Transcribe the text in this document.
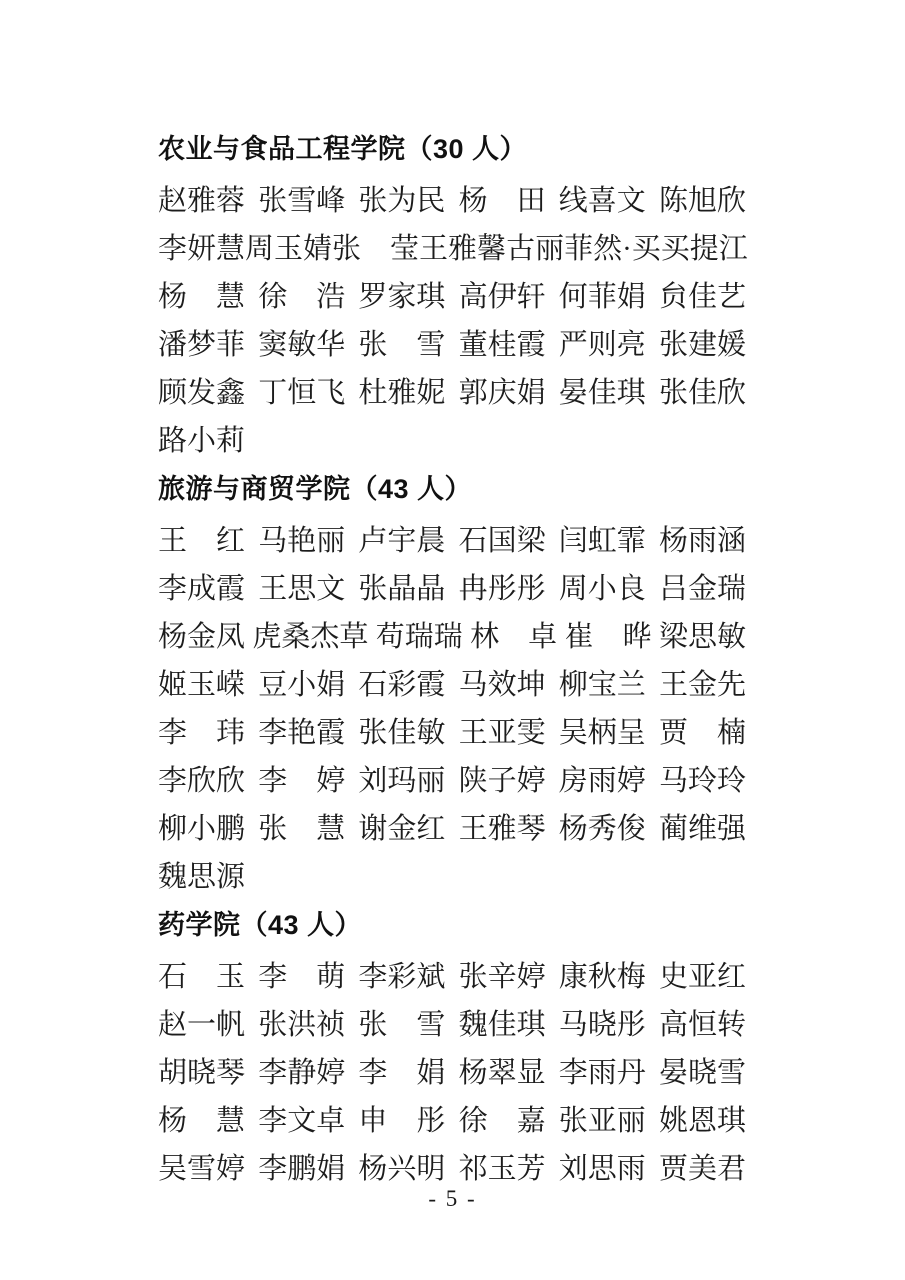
农业与食品工程学院（30 人）
赵雅蓉 张雪峰 张为民 杨　田 线喜文 陈旭欣
李妍慧 周玉婧 张　莹 王雅馨 古丽菲然·买买提江
杨　慧 徐　浩 罗家琪 高伊轩 何菲娟 贠佳艺
潘梦菲 窦敏华 张　雪 董桂霞 严则亮 张建媛
顾发鑫 丁恒飞 杜雅妮 郭庆娟 晏佳琪 张佳欣
路小莉
旅游与商贸学院（43 人）
王　红 马艳丽 卢宇晨 石国梁 闫虹霏 杨雨涵
李成霞 王思文 张晶晶 冉彤彤 周小良 吕金瑞
杨金凤 虎桑杰草 苟瑞瑞 林　卓 崔　晔 梁思敏
姬玉嵘 豆小娟 石彩霞 马效坤 柳宝兰 王金先
李　玮 李艳霞 张佳敏 王亚雯 吴柄呈 贾　楠
李欣欣 李　婷 刘玛丽 陕子婷 房雨婷 马玲玲
柳小鹏 张　慧 谢金红 王雅琴 杨秀俊 蔺维强
魏思源
药学院（43 人）
石　玉 李　萌 李彩斌 张辛婷 康秋梅 史亚红
赵一帆 张洪祯 张　雪 魏佳琪 马晓彤 高恒转
胡晓琴 李静婷 李　娟 杨翠显 李雨丹 晏晓雪
杨　慧 李文卓 申　彤 徐　嘉 张亚丽 姚恩琪
吴雪婷 李鹏娟 杨兴明 祁玉芳 刘思雨 贾美君
- 5 -
